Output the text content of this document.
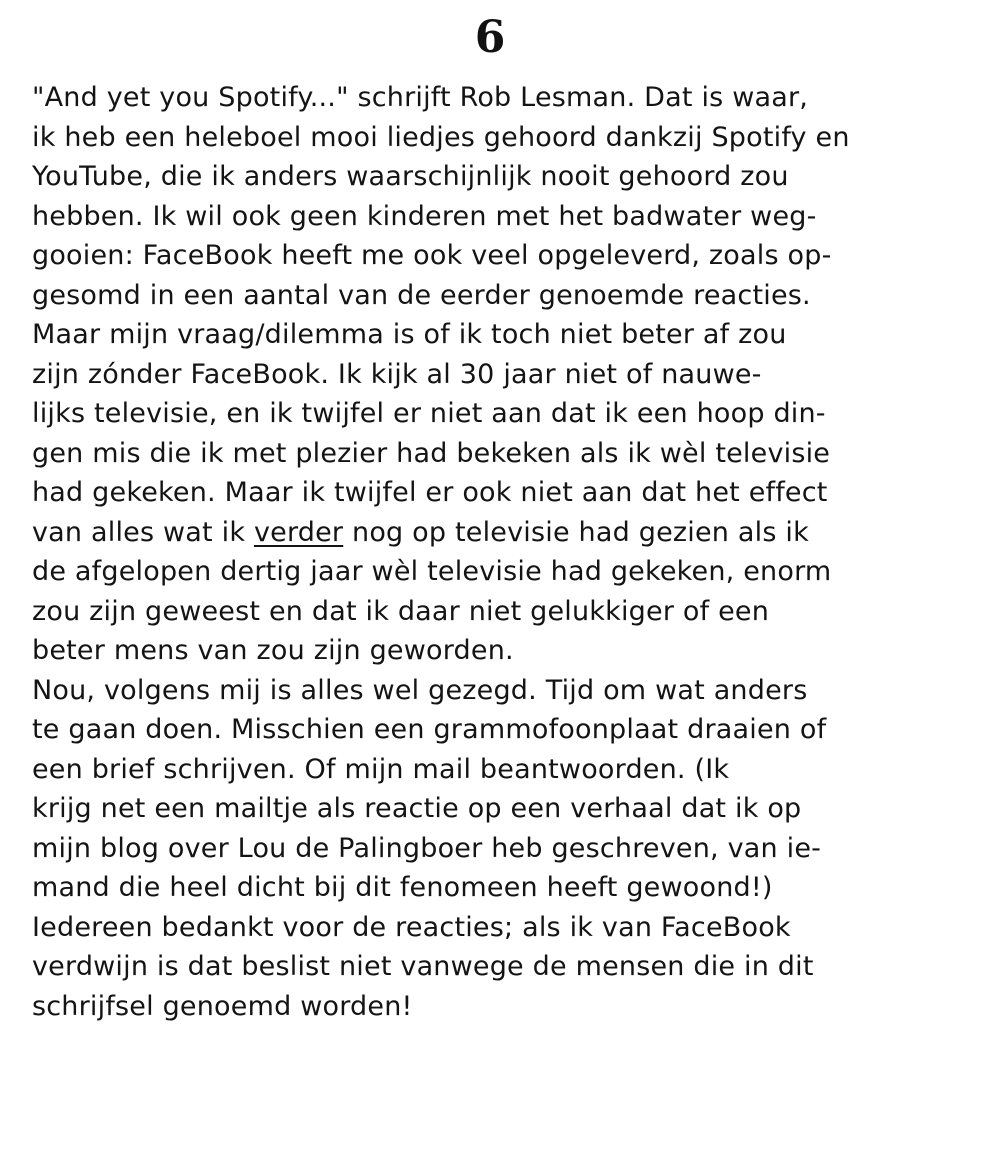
6
"And yet you Spotify..." schrijft Rob Lesman. Dat is waar,
ik heb een heleboel mooi liedjes gehoord dankzij Spotify en
YouTube, die ik anders waarschijnlijk nooit gehoord zou
hebben. Ik wil ook geen kinderen met het badwater weg-
gooien: FaceBook heeft me ook veel opgeleverd, zoals op-
gesomd in een aantal van de eerder genoemde reacties.
Maar mijn vraag/dilemma is of ik toch niet beter af zou
zijn zónder FaceBook. Ik kijk al 30 jaar niet of nauwe-
lijks televisie, en ik twijfel er niet aan dat ik een hoop din-
gen mis die ik met plezier had bekeken als ik wèl televisie
had gekeken. Maar ik twijfel er ook niet aan dat het effect
van alles wat ik verder nog op televisie had gezien als ik
de afgelopen dertig jaar wèl televisie had gekeken, enorm
zou zijn geweest en dat ik daar niet gelukkiger of een
beter mens van zou zijn geworden.
Nou, volgens mij is alles wel gezegd. Tijd om wat anders
te gaan doen. Misschien een grammofoonplaat draaien of
een brief schrijven. Of mijn mail beantwoorden. (Ik
krijg net een mailtje als reactie op een verhaal dat ik op
mijn blog over Lou de Palingboer heb geschreven, van ie-
mand die heel dicht bij dit fenomeen heeft gewoond!)
Iedereen bedankt voor de reacties; als ik van FaceBook
verdwijn is dat beslist niet vanwege de mensen die in dit
schrijfsel genoemd worden!
